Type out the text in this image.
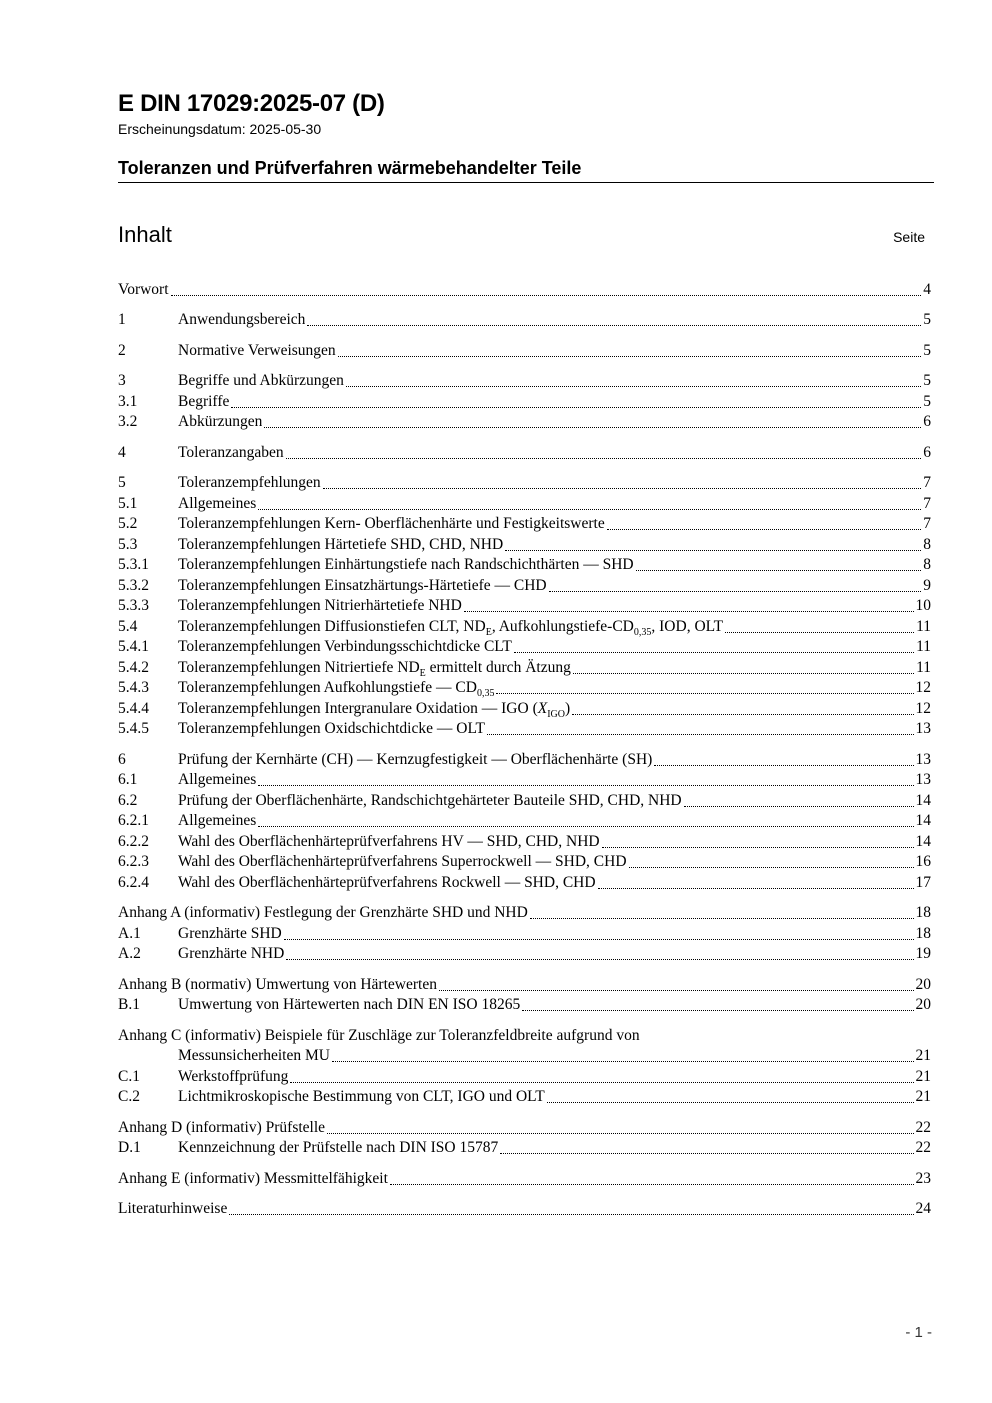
E DIN 17029:2025-07 (D)
Erscheinungsdatum: 2025-05-30
Toleranzen und Prüfverfahren wärmebehandelter Teile
Inhalt	Seite
Vorwort	4
1	Anwendungsbereich	5
2	Normative Verweisungen	5
3	Begriffe und Abkürzungen	5
3.1	Begriffe	5
3.2	Abkürzungen	6
4	Toleranzangaben	6
5	Toleranzempfehlungen	7
5.1	Allgemeines	7
5.2	Toleranzempfehlungen Kern- Oberflächenhärte und Festigkeitswerte	7
5.3	Toleranzempfehlungen Härtetiefe SHD, CHD, NHD	8
5.3.1	Toleranzempfehlungen Einhärtungstiefe nach Randschichthärten — SHD	8
5.3.2	Toleranzempfehlungen Einsatzhärtungs-Härtetiefe — CHD	9
5.3.3	Toleranzempfehlungen Nitrierhärtetiefe NHD	10
5.4	Toleranzempfehlungen Diffusionstiefen CLT, $ND_E$, Aufkohlungstiefe-$CD_{0,35}$, IOD, OLT	11
5.4.1	Toleranzempfehlungen Verbindungsschichtdicke CLT	11
5.4.2	Toleranzempfehlungen Nitriertiefe $ND_E$ ermittelt durch Ätzung	11
5.4.3	Toleranzempfehlungen Aufkohlungstiefe — $CD_{0,35}$	12
5.4.4	Toleranzempfehlungen Intergranulare Oxidation — IGO $(X_{IGO})$	12
5.4.5	Toleranzempfehlungen Oxidschichtdicke — OLT	13
6	Prüfung der Kernhärte (CH) — Kernzugfestigkeit — Oberflächenhärte (SH)	13
6.1	Allgemeines	13
6.2	Prüfung der Oberflächenhärte, Randschichtgehärteter Bauteile SHD, CHD, NHD	14
6.2.1	Allgemeines	14
6.2.2	Wahl des Oberflächenhärteprüfverfahrens HV — SHD, CHD, NHD	14
6.2.3	Wahl des Oberflächenhärteprüfverfahrens Superrockwell — SHD, CHD	16
6.2.4	Wahl des Oberflächenhärteprüfverfahrens Rockwell — SHD, CHD	17
Anhang A (informativ) Festlegung der Grenzhärte SHD und NHD	18
A.1	Grenzhärte SHD	18
A.2	Grenzhärte NHD	19
Anhang B (normativ) Umwertung von Härtewerten	20
B.1	Umwertung von Härtewerten nach DIN EN ISO 18265	20
Anhang C (informativ) Beispiele für Zuschläge zur Toleranzfeldbreite aufgrund von
Messunsicherheiten MU	21
C.1	Werkstoffprüfung	21
C.2	Lichtmikroskopische Bestimmung von CLT, IGO und OLT	21
Anhang D (informativ) Prüfstelle	22
D.1	Kennzeichnung der Prüfstelle nach DIN ISO 15787	22
Anhang E (informativ) Messmittelfähigkeit	23
Literaturhinweise	24
- 1 -
